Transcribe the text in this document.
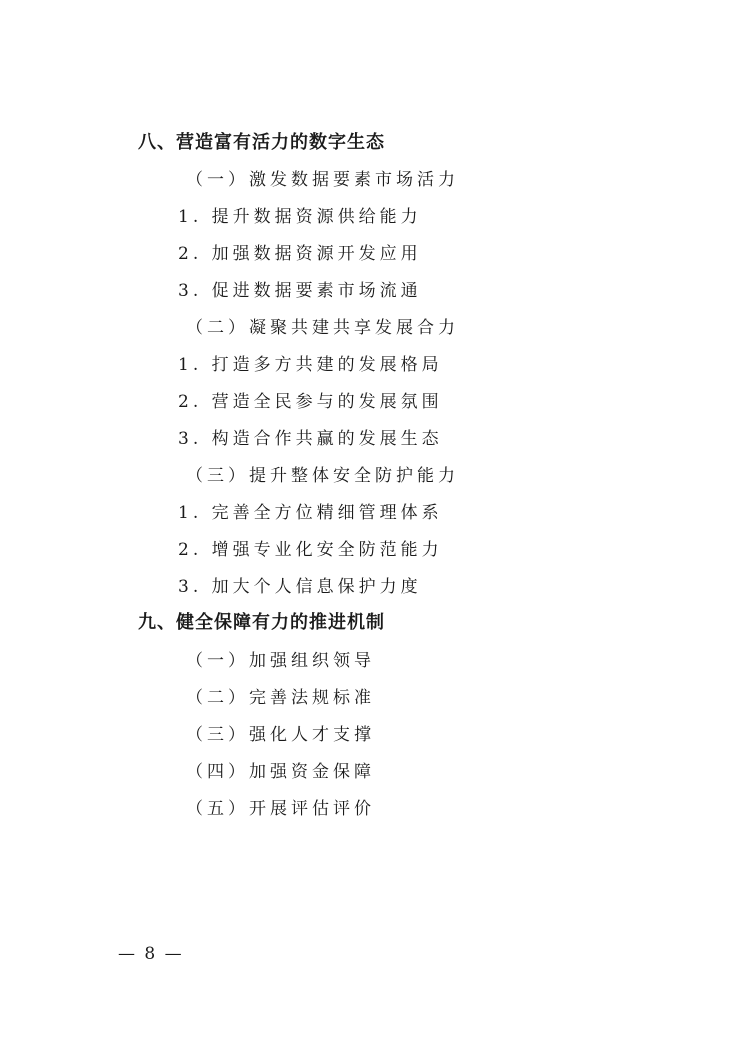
八、营造富有活力的数字生态
（一）激发数据要素市场活力
1. 提升数据资源供给能力
2. 加强数据资源开发应用
3. 促进数据要素市场流通
（二）凝聚共建共享发展合力
1. 打造多方共建的发展格局
2. 营造全民参与的发展氛围
3. 构造合作共赢的发展生态
（三）提升整体安全防护能力
1. 完善全方位精细管理体系
2. 增强专业化安全防范能力
3. 加大个人信息保护力度
九、健全保障有力的推进机制
（一）加强组织领导
（二）完善法规标准
（三）强化人才支撑
（四）加强资金保障
（五）开展评估评价
— 8 —
